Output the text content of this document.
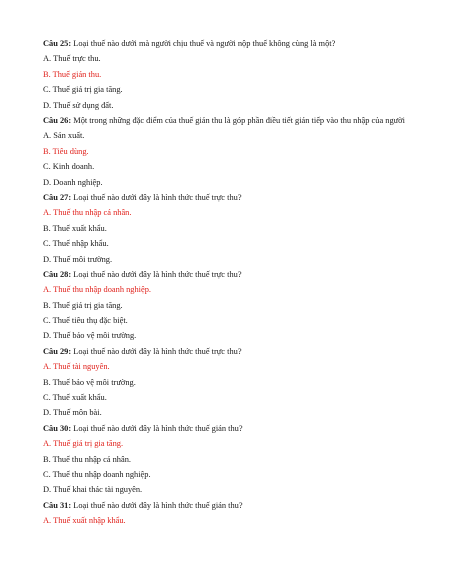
Câu 25: Loại thuế nào dưới mà người chịu thuế và người nộp thuế không cùng là một?
A. Thuế trực thu.
B. Thuế gián thu.
C. Thuế giá trị gia tăng.
D. Thuế sử dụng đất.
Câu 26: Một trong những đặc điểm của thuế gián thu là góp phần điều tiết gián tiếp vào thu nhập của người
A. Sản xuất.
B. Tiêu dùng.
C. Kinh doanh.
D. Doanh nghiệp.
Câu 27: Loại thuế nào dưới đây là hình thức thuế trực thu?
A. Thuế thu nhập cá nhân.
B. Thuế xuất khẩu.
C. Thuế nhập khẩu.
D. Thuế môi trường.
Câu 28: Loại thuế nào dưới đây là hình thức thuế trực thu?
A. Thuế thu nhập doanh nghiệp.
B. Thuế giá trị gia tăng.
C. Thuế tiêu thụ đặc biệt.
D. Thuế bảo vệ môi trường.
Câu 29: Loại thuế nào dưới đây là hình thức thuế trực thu?
A. Thuế tài nguyên.
B. Thuế bảo vệ môi trường.
C. Thuế xuất khẩu.
D. Thuế môn bài.
Câu 30: Loại thuế nào dưới đây là hình thức thuế gián thu?
A. Thuế giá trị gia tăng.
B. Thuế thu nhập cá nhân.
C. Thuế thu nhập doanh nghiệp.
D. Thuế khai thác tài nguyên.
Câu 31: Loại thuế nào dưới đây là hình thức thuế gián thu?
A. Thuế xuất nhập khẩu.
